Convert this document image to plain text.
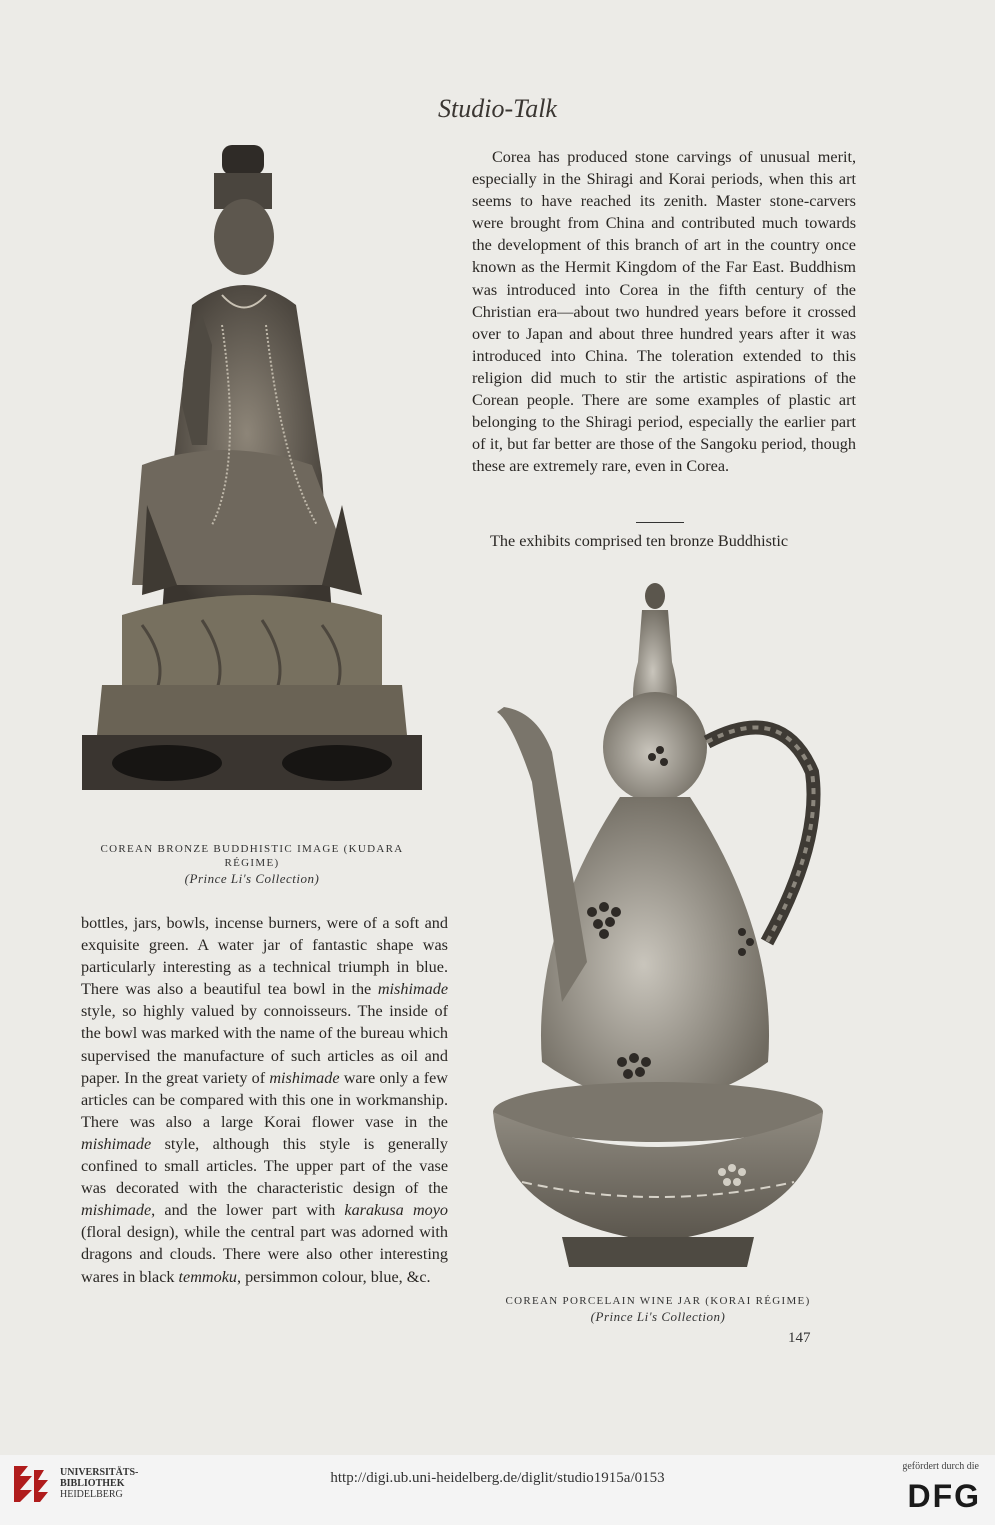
Studio-Talk
COREAN BRONZE BUDDHISTIC IMAGE (KUDARA RÉGIME)
(Prince Li's Collection)

Corea has produced stone carvings of unusual merit, especially in the Shiragi and Korai periods, when this art seems to have reached its zenith. Master stone-carvers were brought from China and contributed much towards the development of this branch of art in the country once known as the Hermit Kingdom of the Far East. Buddhism was introduced into Corea in the fifth century of the Christian era—about two hundred years before it crossed over to Japan and about three hundred years after it was introduced into China. The toleration extended to this religion did much to stir the artistic aspirations of the Corean people. There are some examples of plastic art belonging to the Shiragi period, especially the earlier part of it, but far better are those of the Sangoku period, though these are extremely rare, even in Corea.

The exhibits comprised ten bronze Buddhistic
COREAN PORCELAIN WINE JAR (KORAI RÉGIME)
(Prince Li's Collection)

bottles, jars, bowls, incense burners, were of a soft and exquisite green. A water jar of fantastic shape was particularly interesting as a technical triumph in blue. There was also a beautiful tea bowl in the mishimade style, so highly valued by connoisseurs. The inside of the bowl was marked with the name of the bureau which supervised the manufacture of such articles as oil and paper. In the great variety of mishimade ware only a few articles can be compared with this one in workmanship. There was also a large Korai flower vase in the mishimade style, although this style is generally confined to small articles. The upper part of the vase was decorated with the characteristic design of the mishimade, and the lower part with karakusa moyo (floral design), while the central part was adorned with dragons and clouds. There were also other interesting wares in black temmoku, persimmon colour, blue, &c.

147
UNIVERSITÄTS-
BIBLIOTHEK
HEIDELBERG
http://digi.ub.uni-heidelberg.de/diglit/studio1915a/0153
gefördert durch die
DFG
